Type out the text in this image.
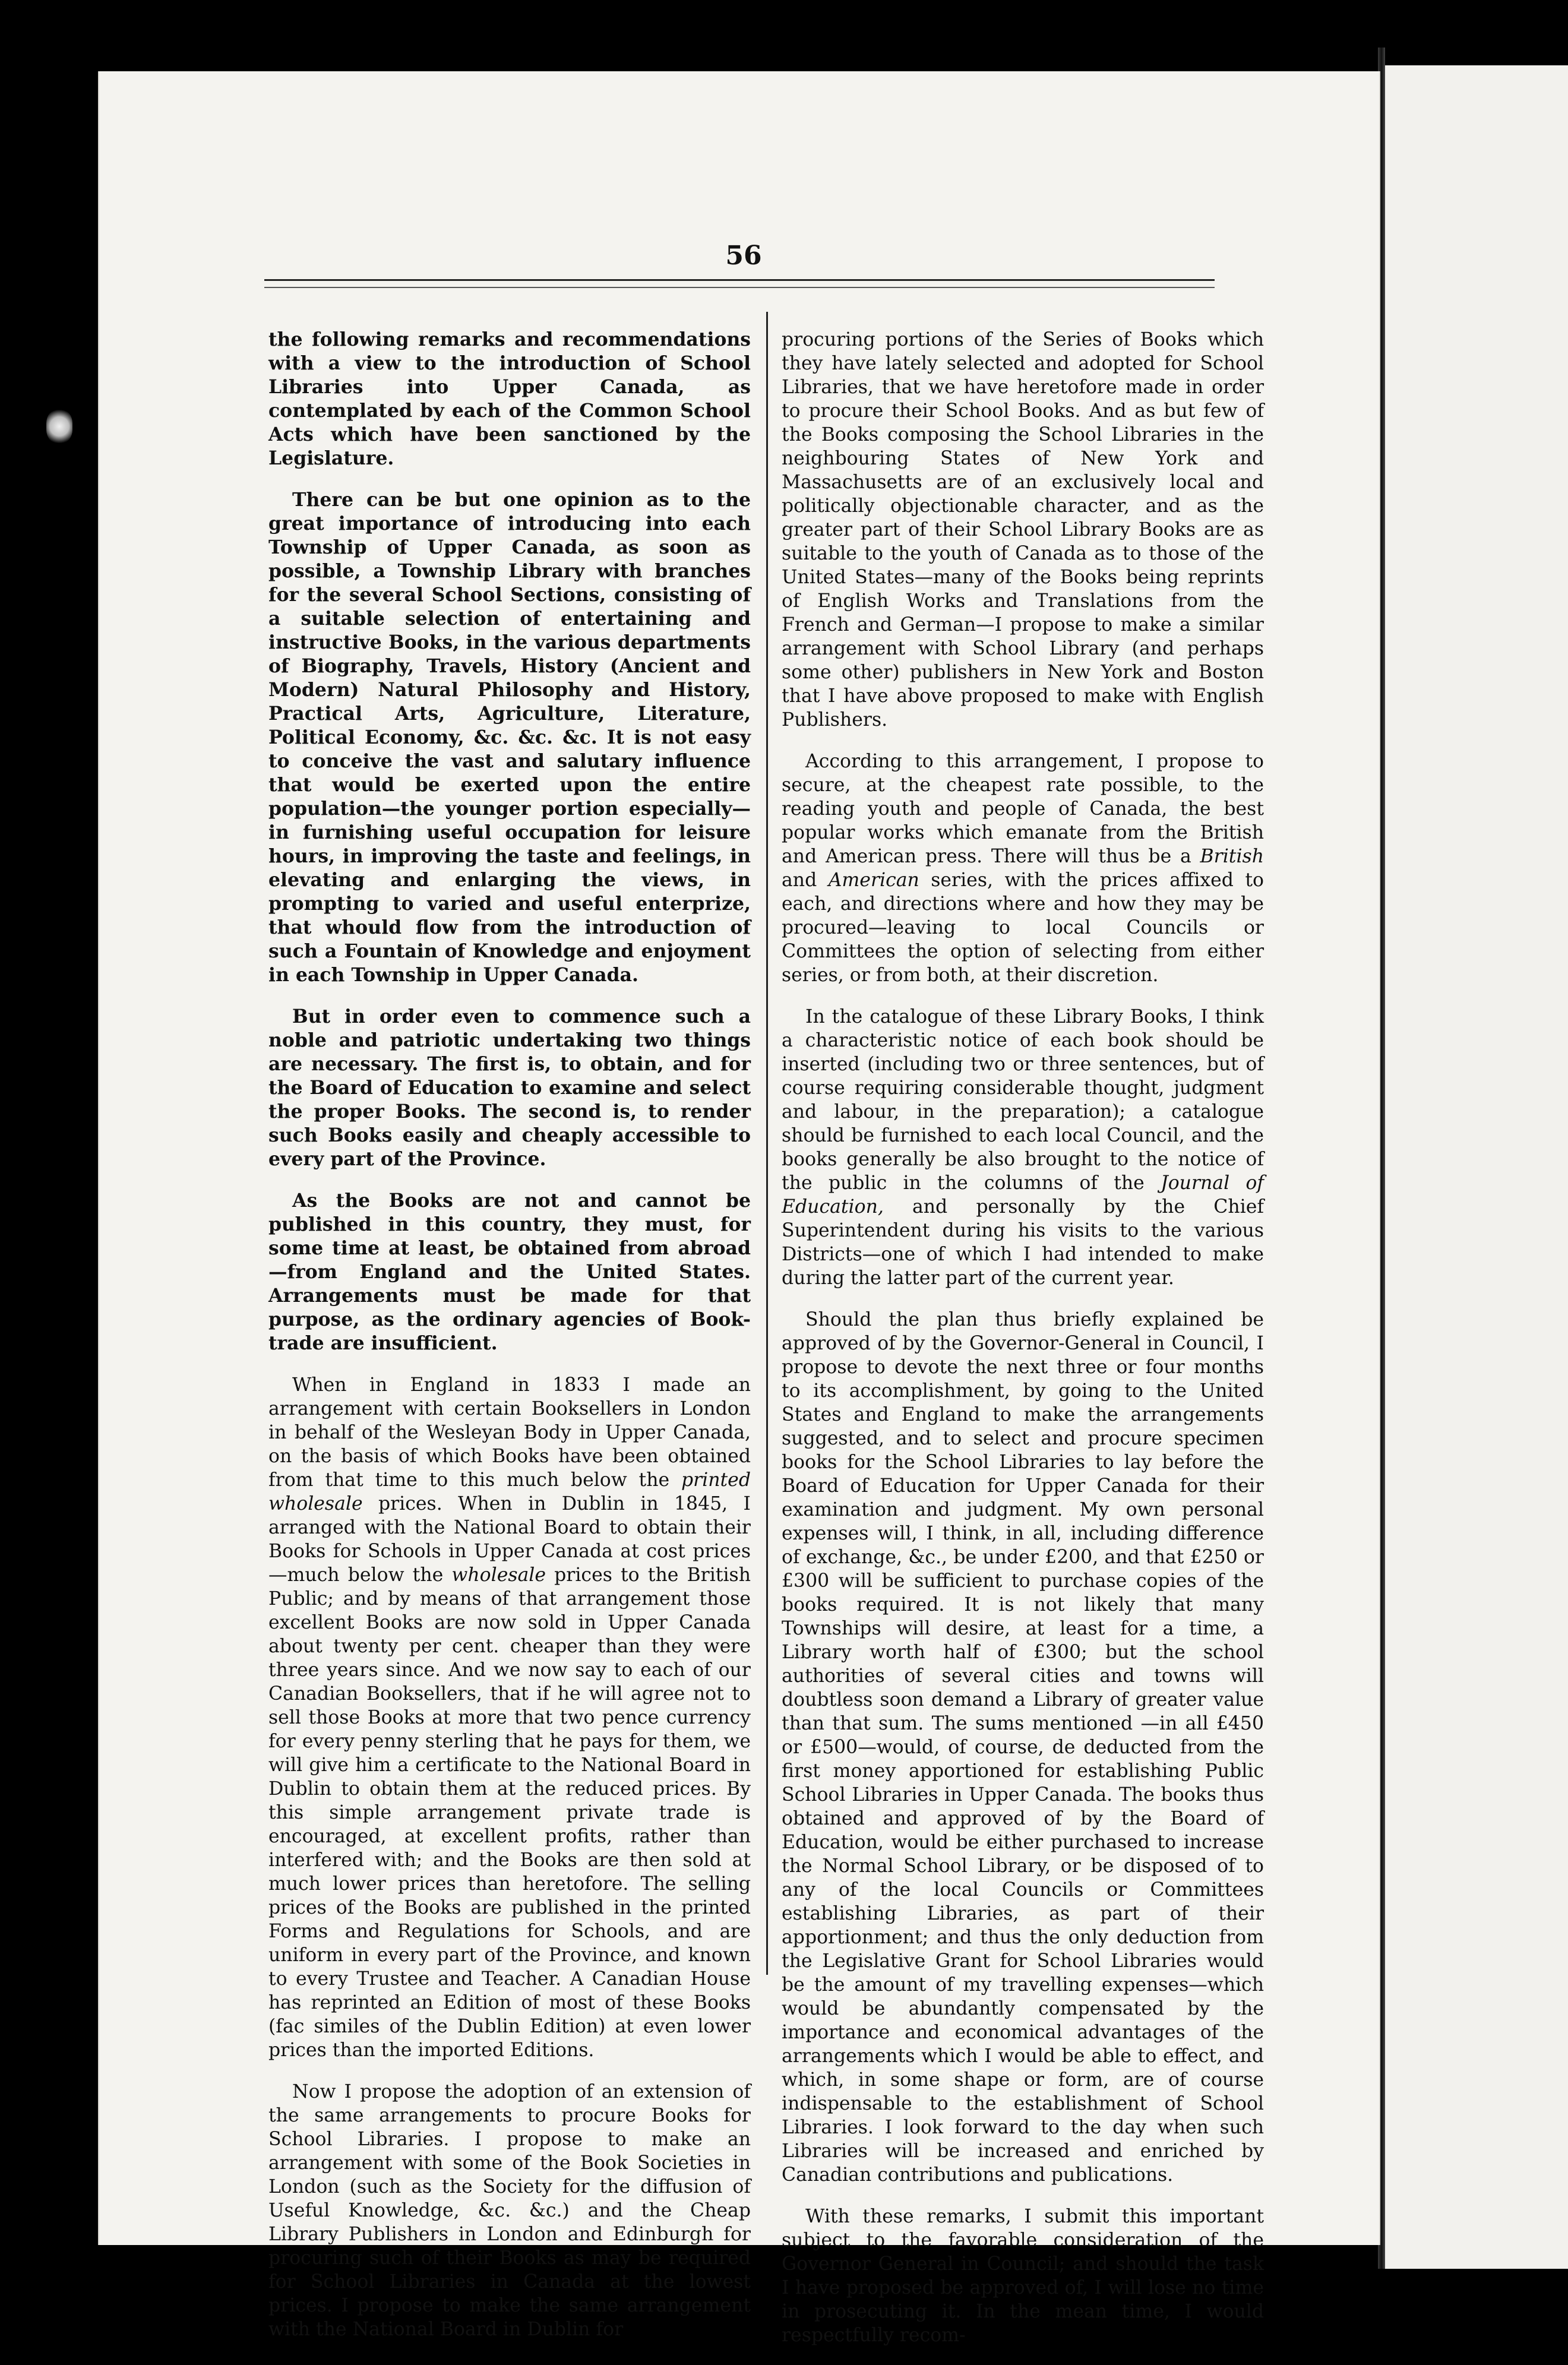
56

the following remarks and recommendations with a view to the introduction of School Libraries into Upper Canada, as contemplated by each of the Common School Acts which have been sanctioned by the Legislature.

There can be but one opinion as to the great importance of introducing into each Township of Upper Canada, as soon as possible, a Township Library with branches for the several School Sections, consisting of a suitable selection of entertaining and instructive Books, in the various departments of Biography, Travels, History (Ancient and Modern) Natural Philosophy and History, Practical Arts, Agriculture, Literature, Political Economy, &c. &c. &c. It is not easy to conceive the vast and salutary influence that would be exerted upon the entire population—the younger portion especially—in furnishing useful occupation for leisure hours, in improving the taste and feelings, in elevating and enlarging the views, in prompting to varied and useful enterprize, that whould flow from the introduction of such a Fountain of Knowledge and enjoyment in each Township in Upper Canada.

But in order even to commence such a noble and patriotic undertaking two things are necessary. The first is, to obtain, and for the Board of Education to examine and select the proper Books. The second is, to render such Books easily and cheaply accessible to every part of the Province.

As the Books are not and cannot be published in this country, they must, for some time at least, be obtained from abroad—from England and the United States. Arrangements must be made for that purpose, as the ordinary agencies of Book-trade are insufficient.

When in England in 1833 I made an arrangement with certain Booksellers in London in behalf of the Wesleyan Body in Upper Canada, on the basis of which Books have been obtained from that time to this much below the printed wholesale prices. When in Dublin in 1845, I arranged with the National Board to obtain their Books for Schools in Upper Canada at cost prices—much below the wholesale prices to the British Public; and by means of that arrangement those excellent Books are now sold in Upper Canada about twenty per cent. cheaper than they were three years since. And we now say to each of our Canadian Booksellers, that if he will agree not to sell those Books at more that two pence currency for every penny sterling that he pays for them, we will give him a certificate to the National Board in Dublin to obtain them at the reduced prices. By this simple arrangement private trade is encouraged, at excellent profits, rather than interfered with; and the Books are then sold at much lower prices than heretofore. The selling prices of the Books are published in the printed Forms and Regulations for Schools, and are uniform in every part of the Province, and known to every Trustee and Teacher. A Canadian House has reprinted an Edition of most of these Books (fac similes of the Dublin Edition) at even lower prices than the imported Editions.

Now I propose the adoption of an extension of the same arrangements to procure Books for School Libraries. I propose to make an arrangement with some of the Book Societies in London (such as the Society for the diffusion of Useful Knowledge, &c. &c.) and the Cheap Library Publishers in London and Edinburgh for procuring such of their Books as may be required for School Libraries in Canada at the lowest prices. I propose to make the same arrangement with the National Board in Dublin for

procuring portions of the Series of Books which they have lately selected and adopted for School Libraries, that we have heretofore made in order to procure their School Books. And as but few of the Books composing the School Libraries in the neighbouring States of New York and Massachusetts are of an exclusively local and politically objectionable character, and as the greater part of their School Library Books are as suitable to the youth of Canada as to those of the United States—many of the Books being reprints of English Works and Translations from the French and German—I propose to make a similar arrangement with School Library (and perhaps some other) publishers in New York and Boston that I have above proposed to make with English Publishers.

According to this arrangement, I propose to secure, at the cheapest rate possible, to the reading youth and people of Canada, the best popular works which emanate from the British and American press. There will thus be a British and American series, with the prices affixed to each, and directions where and how they may be procured—leaving to local Councils or Committees the option of selecting from either series, or from both, at their discretion.

In the catalogue of these Library Books, I think a characteristic notice of each book should be inserted (including two or three sentences, but of course requiring considerable thought, judgment and labour, in the preparation); a catalogue should be furnished to each local Council, and the books generally be also brought to the notice of the public in the columns of the Journal of Education, and personally by the Chief Superintendent during his visits to the various Districts—one of which I had intended to make during the latter part of the current year.

Should the plan thus briefly explained be approved of by the Governor-General in Council, I propose to devote the next three or four months to its accomplishment, by going to the United States and England to make the arrangements suggested, and to select and procure specimen books for the School Libraries to lay before the Board of Education for Upper Canada for their examination and judgment. My own personal expenses will, I think, in all, including difference of exchange, &c., be under £200, and that £250 or £300 will be sufficient to purchase copies of the books required. It is not likely that many Townships will desire, at least for a time, a Library worth half of £300; but the school authorities of several cities and towns will doubtless soon demand a Library of greater value than that sum. The sums mentioned —in all £450 or £500—would, of course, de deducted from the first money apportioned for establishing Public School Libraries in Upper Canada. The books thus obtained and approved of by the Board of Education, would be either purchased to increase the Normal School Library, or be disposed of to any of the local Councils or Committees establishing Libraries, as part of their apportionment; and thus the only deduction from the Legislative Grant for School Libraries would be the amount of my travelling expenses—which would be abundantly compensated by the importance and economical advantages of the arrangements which I would be able to effect, and which, in some shape or form, are of course indispensable to the establishment of School Libraries. I look forward to the day when such Libraries will be increased and enriched by Canadian contributions and publications.

With these remarks, I submit this important subject to the favorable consideration of the Governor General in Council; and should the task I have proposed be approved of, I will lose no time in prosecuting it. In the mean time, I would respectfully recom-
